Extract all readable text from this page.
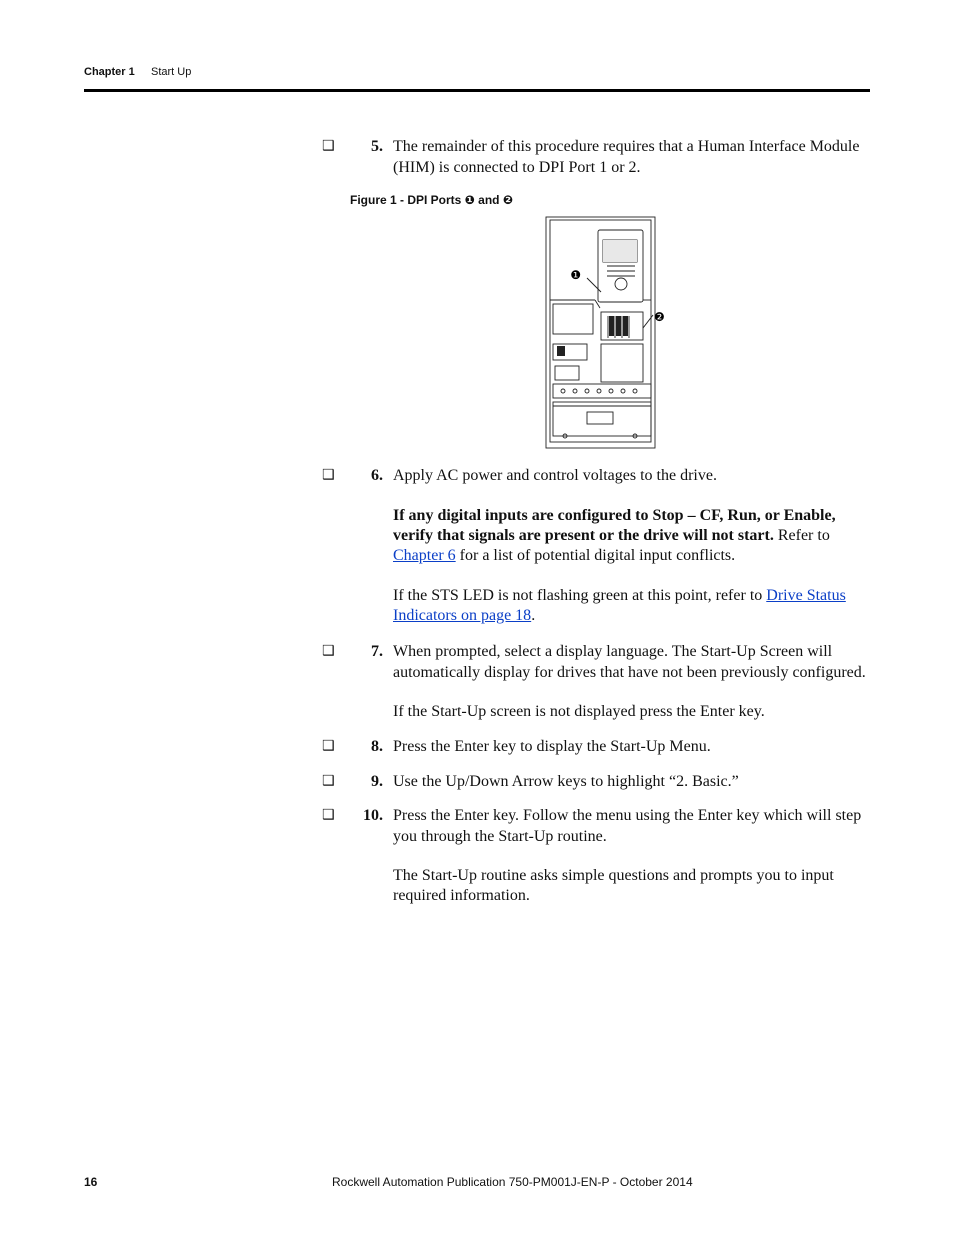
Chapter 1 Start Up
❑	5. The remainder of this procedure requires that a Human Interface Module (HIM) is connected to DPI Port 1 or 2.
Figure 1 - DPI Ports ❶ and ❷
❶
❷
❑	6. Apply AC power and control voltages to the drive.
If any digital inputs are configured to Stop – CF, Run, or Enable, verify that signals are present or the drive will not start. Refer to Chapter 6 for a list of potential digital input conflicts.
If the STS LED is not flashing green at this point, refer to Drive Status Indicators on page 18.
❑	7. When prompted, select a display language. The Start-Up Screen will automatically display for drives that have not been previously configured.
If the Start-Up screen is not displayed press the Enter key.
❑	8. Press the Enter key to display the Start-Up Menu.
❑	9. Use the Up/Down Arrow keys to highlight “2. Basic.”
❑ 10. Press the Enter key. Follow the menu using the Enter key which will step you through the Start-Up routine.
The Start-Up routine asks simple questions and prompts you to input required information.
16	Rockwell Automation Publication 750-PM001J-EN-P - October 2014
